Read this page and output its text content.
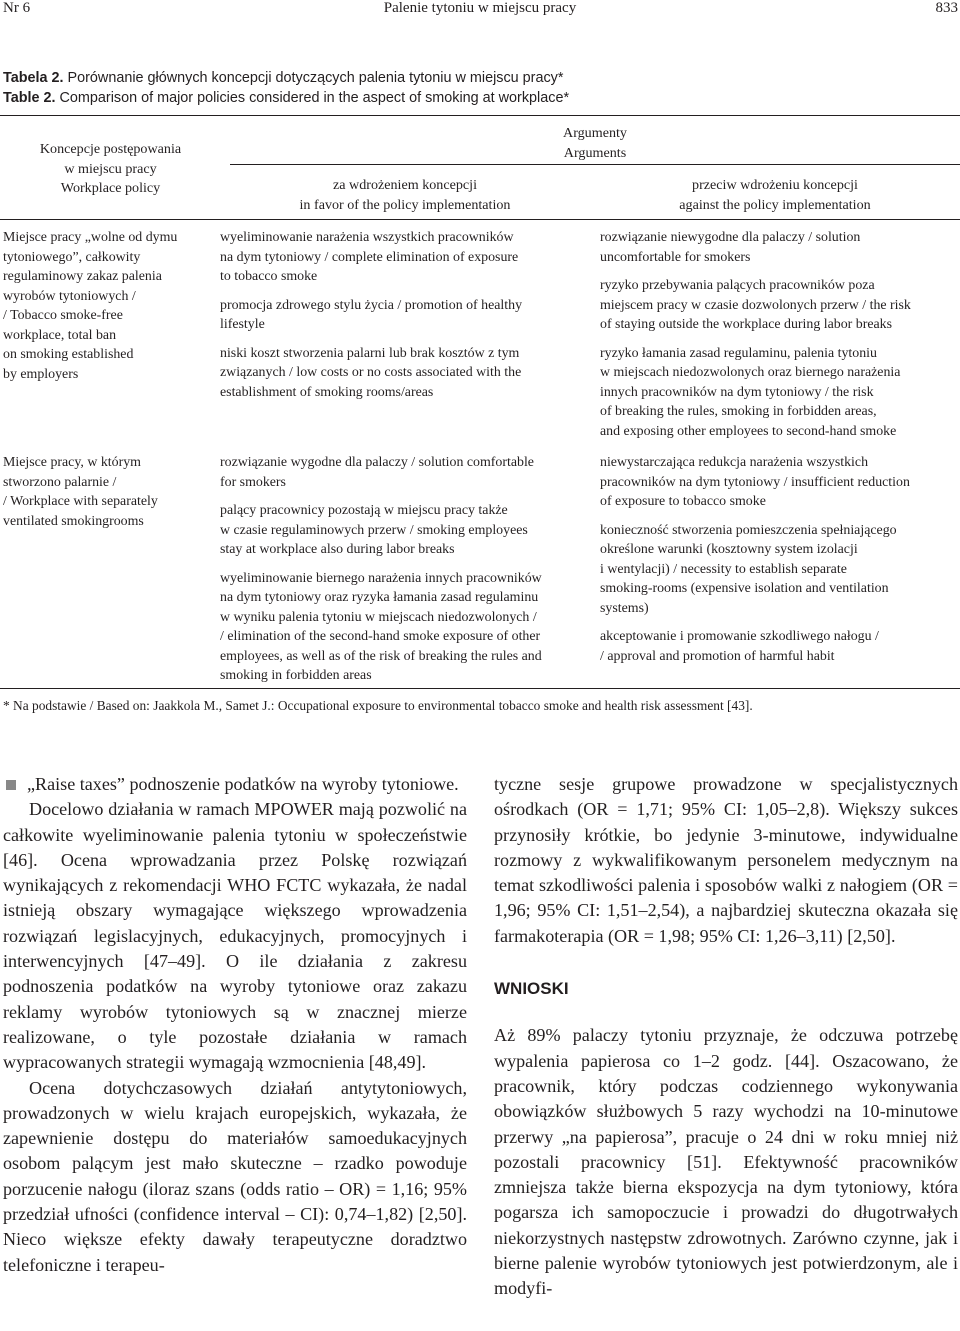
Nr 6	Palenie tytoniu w miejscu pracy	833
Tabela 2. Porównanie głównych koncepcji dotyczących palenia tytoniu w miejscu pracy*
Table 2. Comparison of major policies considered in the aspect of smoking at workplace*
Koncepcje postępowania
w miejscu pracy
Workplace policy
Argumenty
Arguments
za wdrożeniem koncepcji
in favor of the policy implementation
przeciw wdrożeniu koncepcji
against the policy implementation
Miejsce pracy „wolne od dymu
tytoniowego”, całkowity
regulaminowy zakaz palenia
wyrobów tytoniowych /
/ Tobacco smoke-free
workplace, total ban
on smoking established
by employers

wyeliminowanie narażenia wszystkich pracowników
na dym tytoniowy / complete elimination of exposure
to tobacco smoke

promocja zdrowego stylu życia / promotion of healthy
lifestyle

niski koszt stworzenia palarni lub brak kosztów z tym
związanych / low costs or no costs associated with the
establishment of smoking rooms/areas

rozwiązanie niewygodne dla palaczy / solution
uncomfortable for smokers

ryzyko przebywania palących pracowników poza
miejscem pracy w czasie dozwolonych przerw / the risk
of staying outside the workplace during labor breaks

ryzyko łamania zasad regulaminu, palenia tytoniu
w miejscach niedozwolonych oraz biernego narażenia
innych pracowników na dym tytoniowy / the risk
of breaking the rules, smoking in forbidden areas,
and exposing other employees to second-hand smoke

Miejsce pracy, w którym
stworzono palarnie /
/ Workplace with separately
ventilated smokingrooms

rozwiązanie wygodne dla palaczy / solution comfortable
for smokers

palący pracownicy pozostają w miejscu pracy także
w czasie regulaminowych przerw / smoking employees
stay at workplace also during labor breaks

wyeliminowanie biernego narażenia innych pracowników
na dym tytoniowy oraz ryzyka łamania zasad regulaminu
w wyniku palenia tytoniu w miejscach niedozwolonych /
/ elimination of the second-hand smoke exposure of other
employees, as well as of the risk of breaking the rules and
smoking in forbidden areas

niewystarczająca redukcja narażenia wszystkich
pracowników na dym tytoniowy / insufficient reduction
of exposure to tobacco smoke

konieczność stworzenia pomieszczenia spełniającego
określone warunki (kosztowny system izolacji
i wentylacji) / necessity to establish separate
smoking-rooms (expensive isolation and ventilation
systems)

akceptowanie i promowanie szkodliwego nałogu /
/ approval and promotion of harmful habit

* Na podstawie / Based on: Jaakkola M., Samet J.: Occupational exposure to environmental tobacco smoke and health risk assessment [43].

„Raise taxes” podnoszenie podatków na wyroby tytoniowe.

Docelowo działania w ramach MPOWER mają pozwolić na całkowite wyeliminowanie palenia tytoniu w społeczeństwie [46]. Ocena wprowadzania przez Polskę rozwiązań wynikających z rekomendacji WHO FCTC wykazała, że nadal istnieją obszary wymagające większego wprowadzenia rozwiązań legislacyjnych, edukacyjnych, promocyjnych i interwencyjnych [47–49]. O ile działania z zakresu podnoszenia podatków na wyroby tytoniowe oraz zakazu reklamy wyrobów tytoniowych są w znacznej mierze realizowane, o tyle pozostałe działania w ramach wypracowanych strategii wymagają wzmocnienia [48,49].

Ocena dotychczasowych działań antytytoniowych, prowadzonych w wielu krajach europejskich, wykazała, że zapewnienie dostępu do materiałów samoedukacyjnych osobom palącym jest mało skuteczne – rzadko powoduje porzucenie nałogu (iloraz szans (odds ratio – OR) = 1,16; 95% przedział ufności (confidence interval – CI): 0,74–1,82) [2,50]. Nieco większe efekty dawały terapeutyczne doradztwo telefoniczne i terapeu-

tyczne sesje grupowe prowadzone w specjalistycznych ośrodkach (OR = 1,71; 95% CI: 1,05–2,8). Większy sukces przynosiły krótkie, bo jedynie 3-minutowe, indywidualne rozmowy z wykwalifikowanym personelem medycznym na temat szkodliwości palenia i sposobów walki z nałogiem (OR = 1,96; 95% CI: 1,51–2,54), a najbardziej skuteczna okazała się farmakoterapia (OR = 1,98; 95% CI: 1,26–3,11) [2,50].

WNIOSKI

Aż 89% palaczy tytoniu przyznaje, że odczuwa potrzebę wypalenia papierosa co 1–2 godz. [44]. Oszacowano, że pracownik, który podczas codziennego wykonywania obowiązków służbowych 5 razy wychodzi na 10-minutowe przerwy „na papierosa”, pracuje o 24 dni w roku mniej niż pozostali pracownicy [51]. Efektywność pracowników zmniejsza także bierna ekspozycja na dym tytoniowy, która pogarsza ich samopoczucie i prowadzi do długotrwałych niekorzystnych następstw zdrowotnych. Zarówno czynne, jak i bierne palenie wyrobów tytoniowych jest potwierdzonym, ale i modyfi-
